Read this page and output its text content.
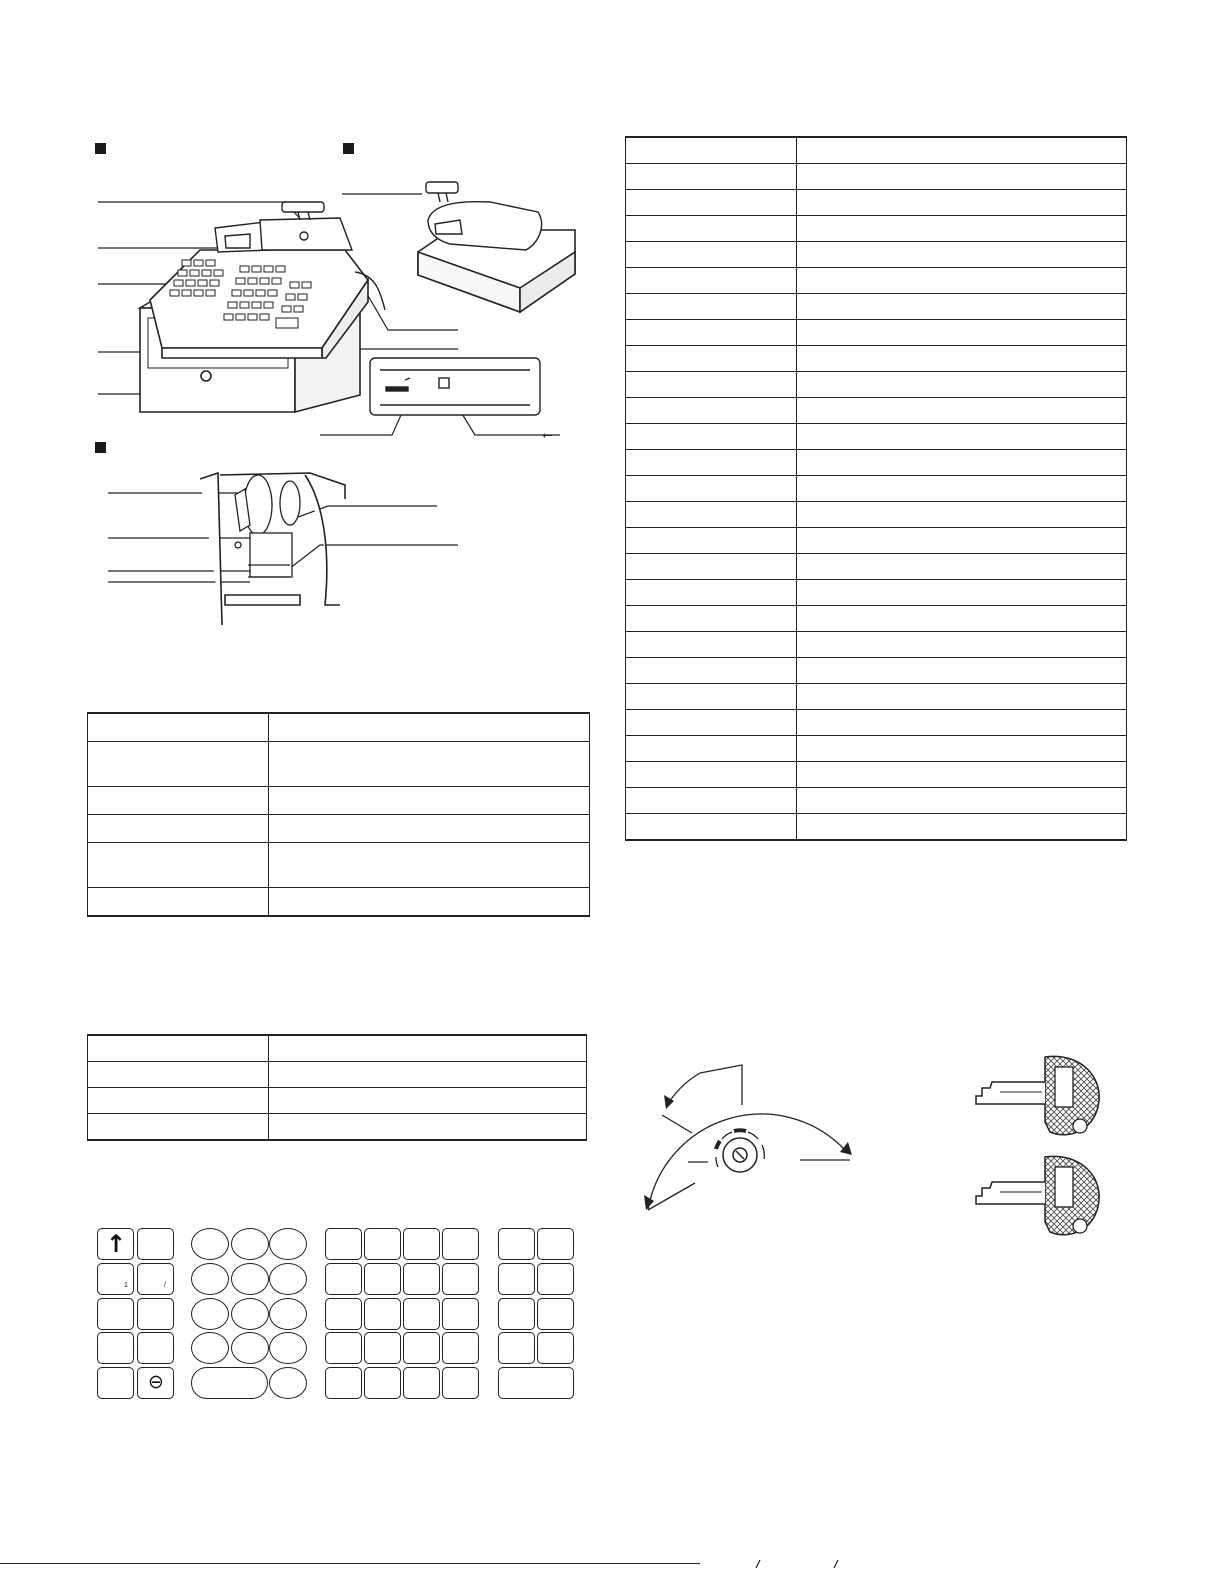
⭠

↑
1	/
⊖
